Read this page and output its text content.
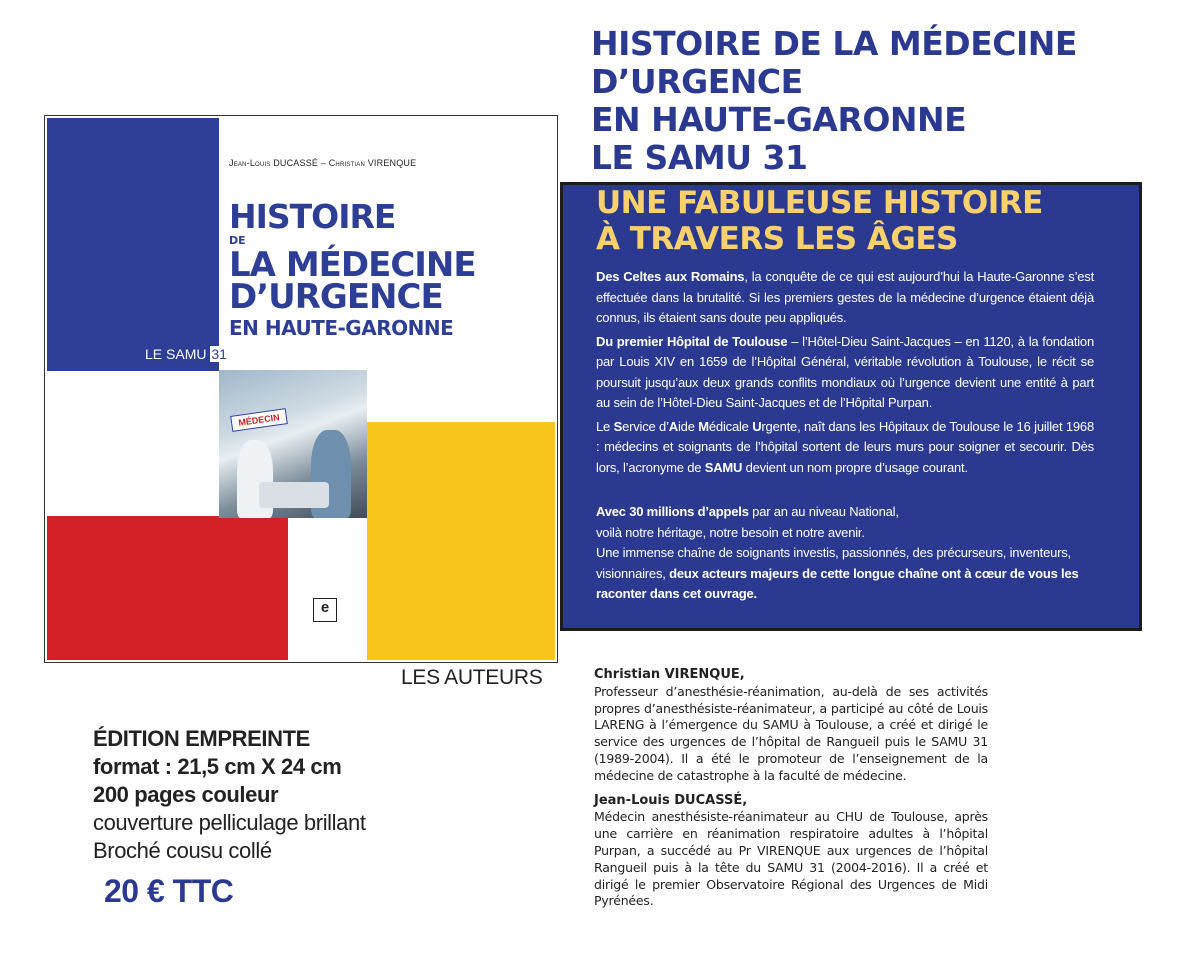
HISTOIRE DE LA MÉDECINE
D’URGENCE
EN HAUTE-GARONNE
LE SAMU 31
Jean-Louis DUCASSÉ – Christian VIRENQUE
HISTOIRE
DE
LA MÉDECINE
D’URGENCE
EN HAUTE-GARONNE
LE SAMU 31
MÉDECIN
e
UNE FABULEUSE HISTOIRE
À TRAVERS LES ÂGES

Des Celtes aux Romains, la conquête de ce qui est aujourd’hui la Haute-Garonne s’est effectuée dans la brutalité. Si les premiers gestes de la médecine d’urgence étaient déjà connus, ils étaient sans doute peu appliqués.

Du premier Hôpital de Toulouse – l’Hôtel-Dieu Saint-Jacques – en 1120, à la fondation par Louis XIV en 1659 de l’Hôpital Général, véritable révolution à Toulouse, le récit se poursuit jusqu’aux deux grands conflits mondiaux où l’urgence devient une entité à part au sein de l’Hôtel-Dieu Saint-Jacques et de l’Hôpital Purpan.

Le Service d’Aide Médicale Urgente, naît dans les Hôpitaux de Toulouse le 16 juillet 1968 : médecins et soignants de l’hôpital sortent de leurs murs pour soigner et secourir. Dès lors, l’acronyme de SAMU devient un nom propre d’usage courant.

Avec 30 millions d’appels par an au niveau National,

voilà notre héritage, notre besoin et notre avenir.

Une immense chaîne de soignants investis, passionnés, des précurseurs, inventeurs, visionnaires, deux acteurs majeurs de cette longue chaîne ont à cœur de vous les raconter dans cet ouvrage.

LES AUTEURS
ÉDITION EMPREINTE
format : 21,5 cm X 24 cm
200 pages couleur
couverture pelliculage brillant
Broché cousu collé
20 € TTC
Christian VIRENQUE,

Professeur d’anesthésie-réanimation, au-delà de ses activités propres d’anesthésiste-réanimateur, a participé au côté de Louis LARENG à l’émergence du SAMU à Toulouse, a créé et dirigé le service des urgences de l’hôpital de Rangueil puis le SAMU 31 (1989-2004). Il a été le promoteur de l’enseignement de la médecine de catastrophe à la faculté de médecine.

Jean-Louis DUCASSÉ,

Médecin anesthésiste-réanimateur au CHU de Toulouse, après une carrière en réanimation respiratoire adultes à l’hôpital Purpan, a succédé au Pr VIRENQUE aux urgences de l’hôpital Rangueil puis à la tête du SAMU 31 (2004-2016). Il a créé et dirigé le premier Observatoire Régional des Urgences de Midi Pyrénées.
